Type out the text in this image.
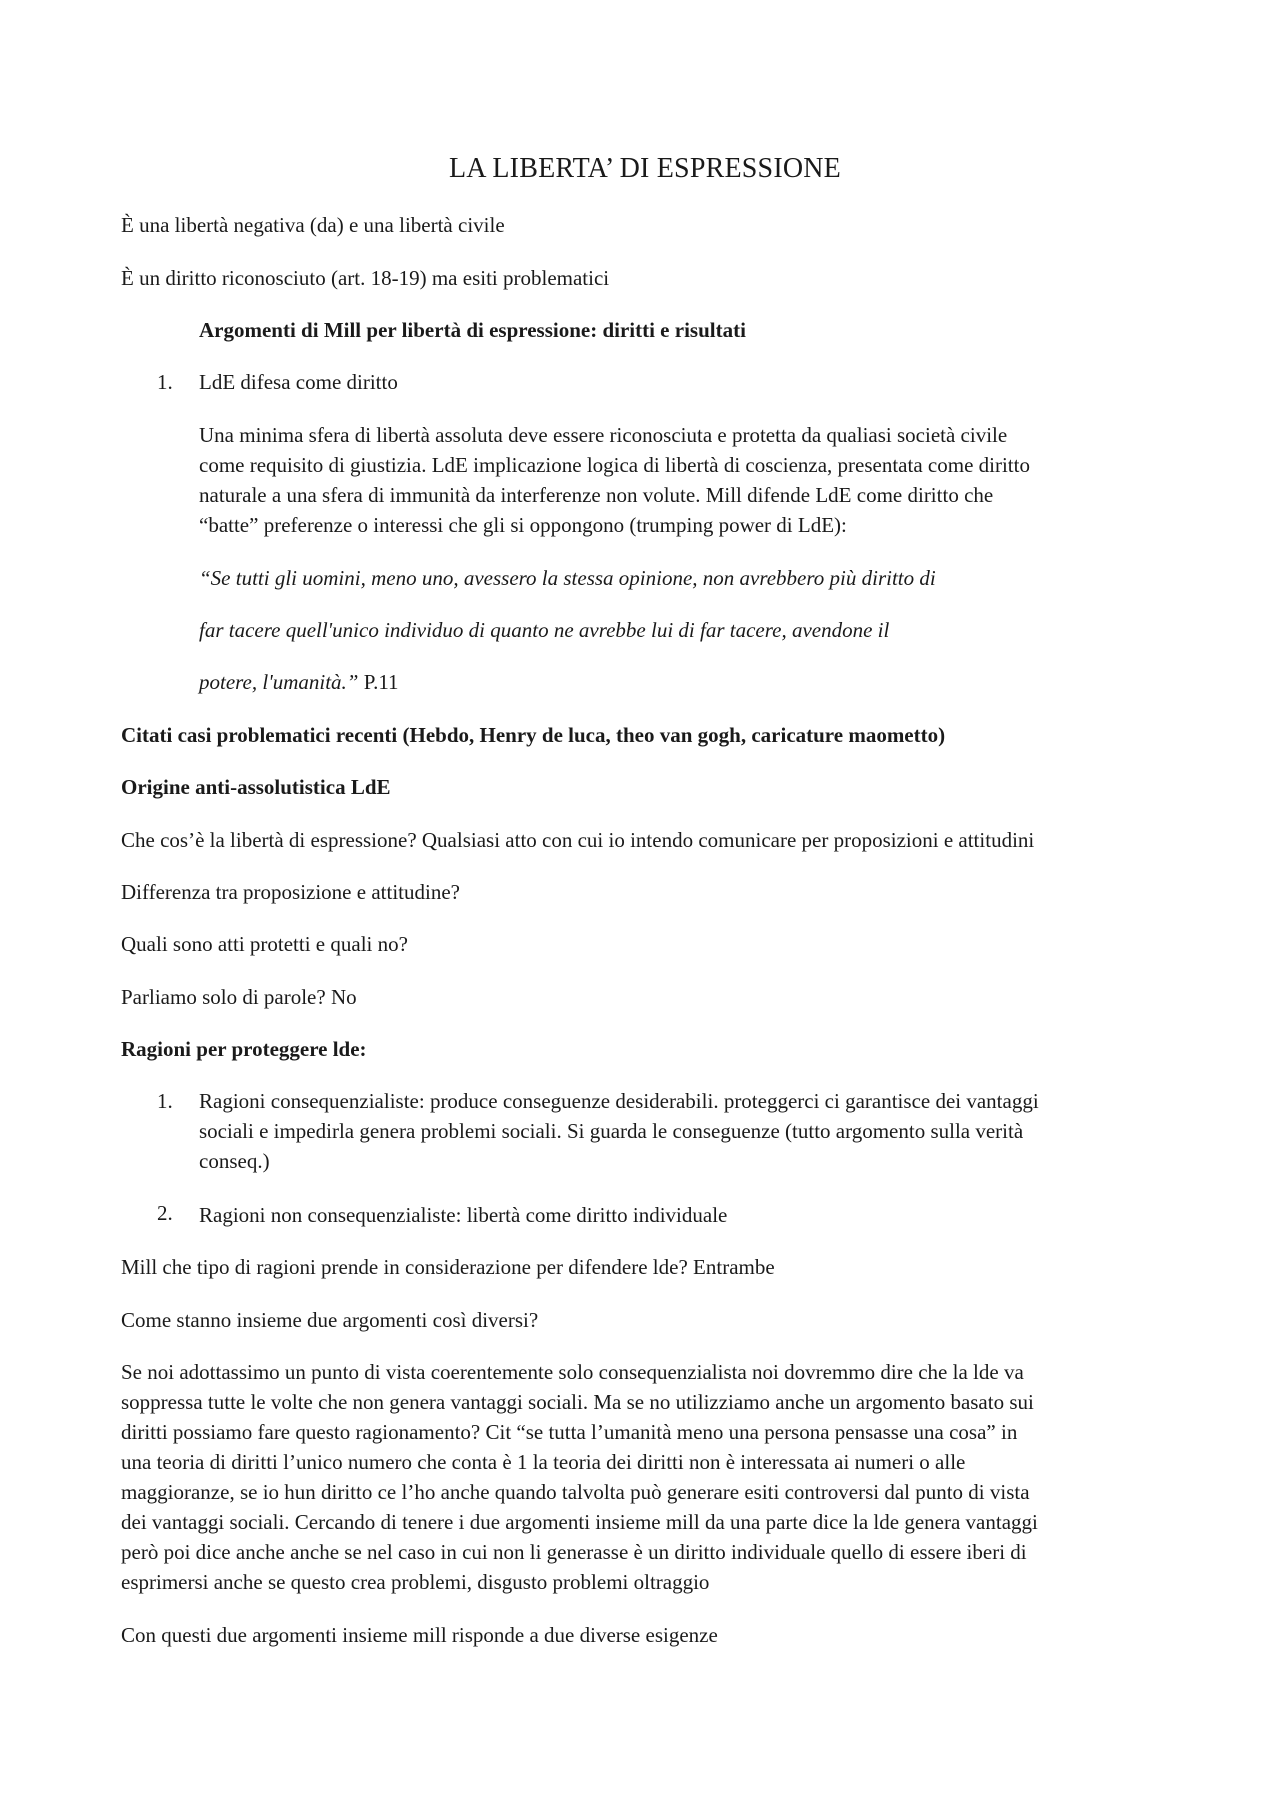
LA LIBERTA’ DI ESPRESSIONE

È una libertà negativa (da) e una libertà civile

È un diritto riconosciuto (art. 18-19) ma esiti problematici

Argomenti di Mill per libertà di espressione: diritti e risultati

1.	LdE difesa come diritto

Una minima sfera di libertà assoluta deve essere riconosciuta e protetta da qualiasi società civile

come requisito di giustizia. LdE implicazione logica di libertà di coscienza, presentata come diritto

naturale a una sfera di immunità da interferenze non volute. Mill difende LdE come diritto che

“batte” preferenze o interessi che gli si oppongono (trumping power di LdE):

“Se tutti gli uomini, meno uno, avessero la stessa opinione, non avrebbero più diritto di

far tacere quell'unico individuo di quanto ne avrebbe lui di far tacere, avendone il

potere, l'umanità.” P.11

Citati casi problematici recenti (Hebdo, Henry de luca, theo van gogh, caricature maometto)

Origine anti-assolutistica LdE

Che cos’è la libertà di espressione? Qualsiasi atto con cui io intendo comunicare per proposizioni e attitudini

Differenza tra proposizione e attitudine?

Quali sono atti protetti e quali no?

Parliamo solo di parole? No

Ragioni per proteggere lde:

1.	Ragioni consequenzialiste: produce conseguenze desiderabili. proteggerci ci garantisce dei vantaggi

sociali e impedirla genera problemi sociali. Si guarda le conseguenze (tutto argomento sulla verità

conseq.)

2.	Ragioni non consequenzialiste: libertà come diritto individuale

Mill che tipo di ragioni prende in considerazione per difendere lde? Entrambe

Come stanno insieme due argomenti così diversi?

Se noi adottassimo un punto di vista coerentemente solo consequenzialista noi dovremmo dire che la lde va

soppressa tutte le volte che non genera vantaggi sociali. Ma se no utilizziamo anche un argomento basato sui

diritti possiamo fare questo ragionamento? Cit “se tutta l’umanità meno una persona pensasse una cosa” in

una teoria di diritti l’unico numero che conta è 1 la teoria dei diritti non è interessata ai numeri o alle

maggioranze, se io hun diritto ce l’ho anche quando talvolta può generare esiti controversi dal punto di vista

dei vantaggi sociali. Cercando di tenere i due argomenti insieme mill da una parte dice la lde genera vantaggi

però poi dice anche anche se nel caso in cui non li generasse è un diritto individuale quello di essere iberi di

esprimersi anche se questo crea problemi, disgusto problemi oltraggio

Con questi due argomenti insieme mill risponde a due diverse esigenze
